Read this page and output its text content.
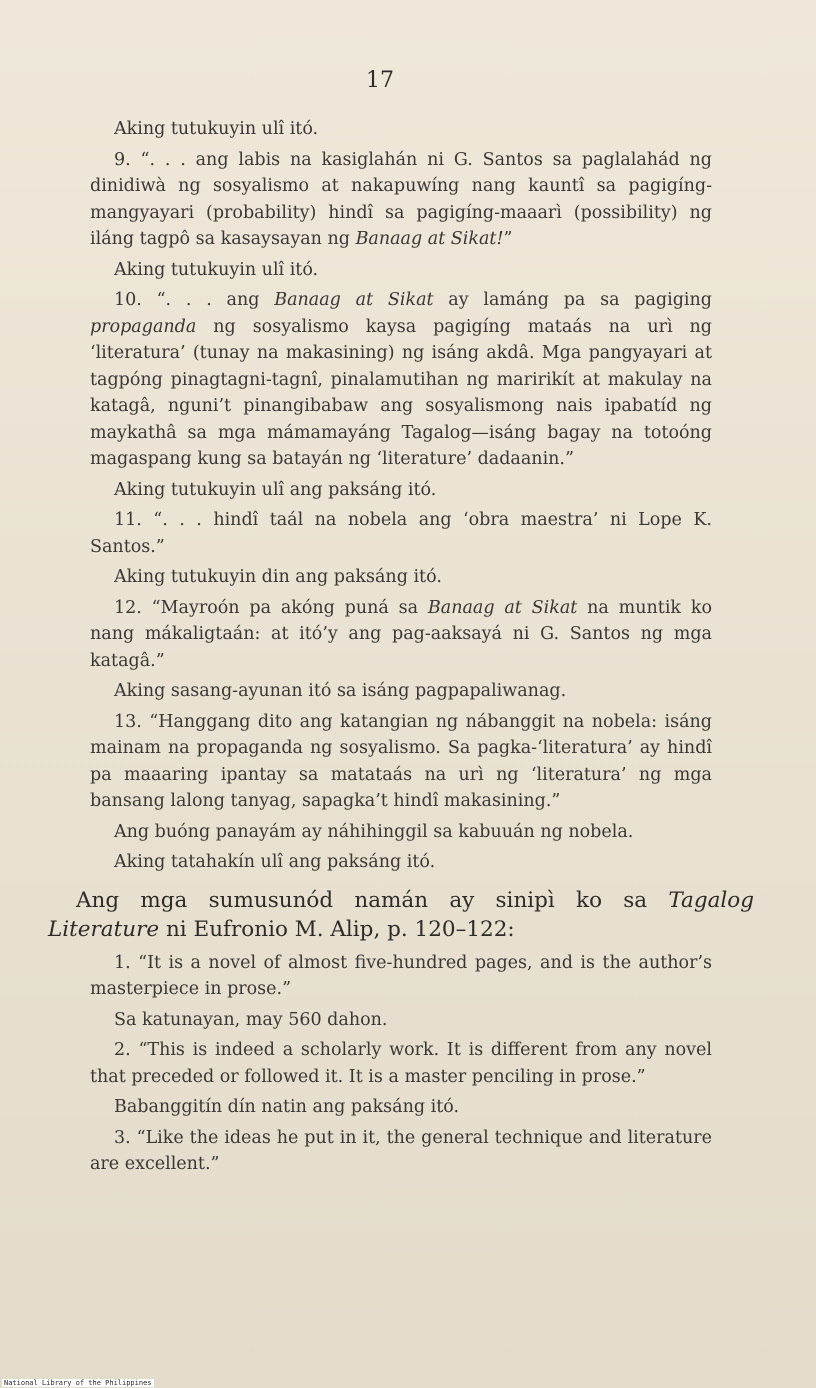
17

Aking tutukuyin ulî itó.

9. “. . . ang labis na kasiglahán ni G. Santos sa paglalahád ng dinidiwà ng sosyalismo at nakapuwíng nang kauntî sa pagigíng-mangyayari (probability) hindî sa pagigíng-maaarì (possibility) ng iláng tagpô sa kasaysayan ng Banaag at Sikat!”

Aking tutukuyin ulî itó.

10. “. . . ang Banaag at Sikat ay lamáng pa sa pagiging propaganda ng sosyalismo kaysa pagigíng mataás na urì ng ‘literatura’ (tunay na makasining) ng isáng akdâ. Mga pangyayari at tagpóng pinagtagni-tagnî, pinalamutihan ng maririkít at makulay na katagâ, nguni’t pinangibabaw ang sosyalismong nais ipabatíd ng maykathâ sa mga mámamayáng Tagalog—isáng bagay na totoóng magaspang kung sa batayán ng ‘literature’ dadaanin.”

Aking tutukuyin ulî ang paksáng itó.

11. “. . . hindî taál na nobela ang ‘obra maestra’ ni Lope K. Santos.”

Aking tutukuyin din ang paksáng itó.

12. “Mayroón pa akóng puná sa Banaag at Sikat na muntik ko nang mákaligtaán: at itó’y ang pag-aaksayá ni G. Santos ng mga katagâ.”

Aking sasang-ayunan itó sa isáng pagpapaliwanag.

13. “Hanggang dito ang katangian ng nábanggit na nobela: isáng mainam na propaganda ng sosyalismo. Sa pagka-‘literatura’ ay hindî pa maaaring ipantay sa matataás na urì ng ‘literatura’ ng mga bansang lalong tanyag, sapagka’t hindî makasining.”

Ang buóng panayám ay náhihinggil sa kabuuán ng nobela.

Aking tatahakín ulî ang paksáng itó.

Ang mga sumusunód namán ay sinipì ko sa Tagalog Literature ni Eufronio M. Alip, p. 120–122:

1. “It is a novel of almost five-hundred pages, and is the author’s masterpiece in prose.”

Sa katunayan, may 560 dahon.

2. “This is indeed a scholarly work. It is different from any novel that preceded or followed it. It is a master penciling in prose.”

Babanggitín dín natin ang paksáng itó.

3. “Like the ideas he put in it, the general technique and literature are excellent.”

National Library of the Philippines
